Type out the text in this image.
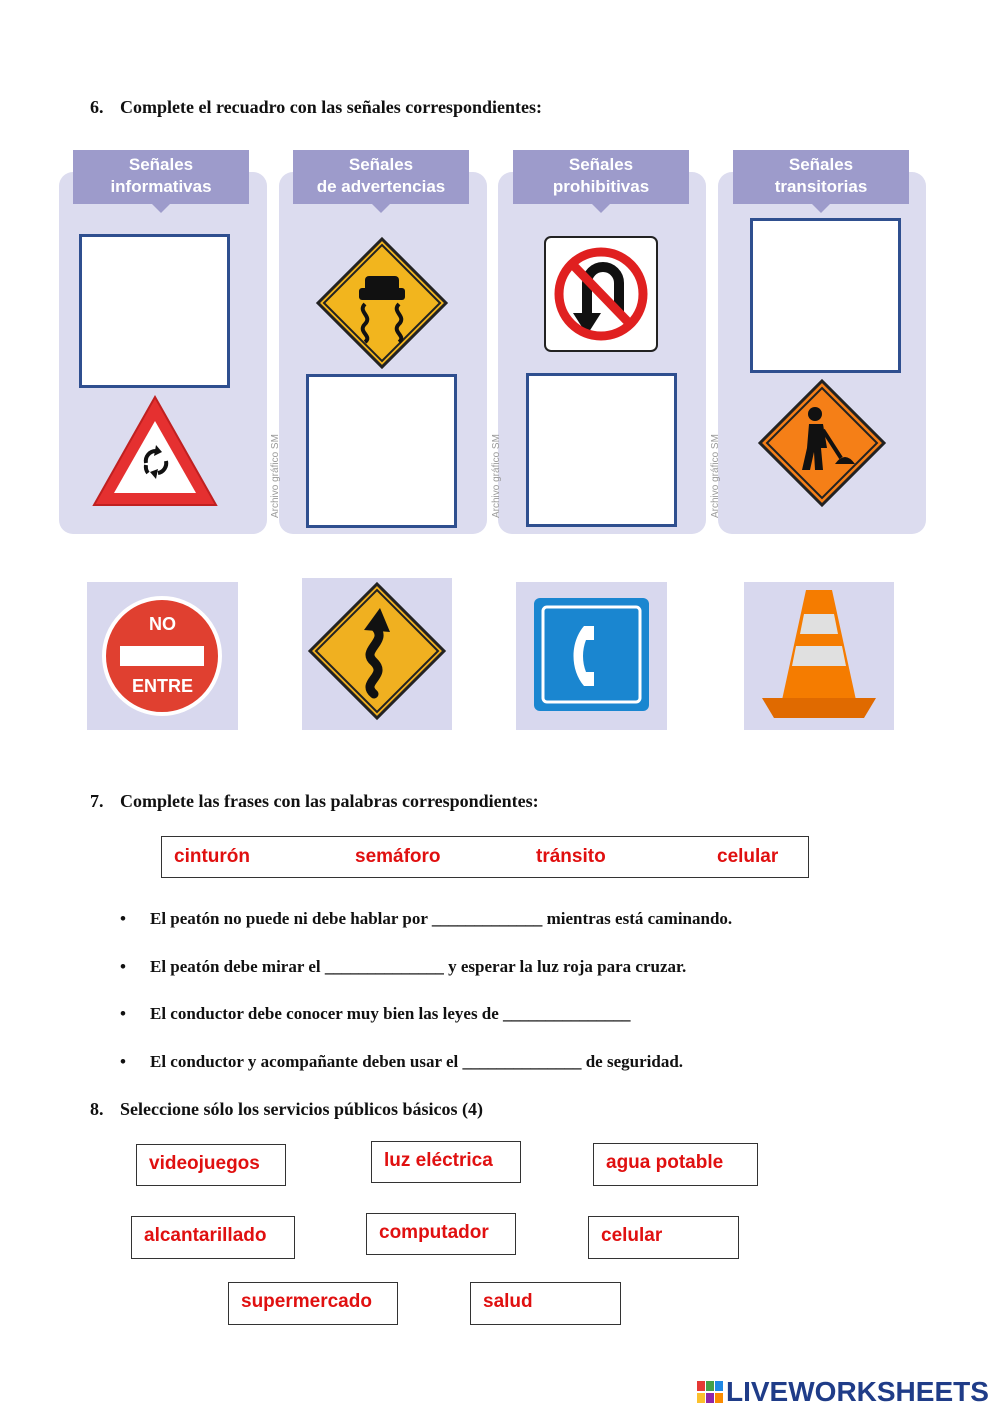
6. Complete el recuadro con las señales correspondientes:
Señales
informativas
Señales
de advertencias
Señales
prohibitivas
Señales
transitorias
Archivo gráfico SM	Archivo gráfico SM	Archivo gráfico SM
NO
ENTRE
7. Complete las frases con las palabras correspondientes:
cinturón	semáforo	tránsito	celular
• El peatón no puede ni debe hablar por _____________ mientras está caminando.
• El peatón debe mirar el ______________ y esperar la luz roja para cruzar.
• El conductor debe conocer muy bien las leyes de _______________
• El conductor y acompañante deben usar el ______________ de seguridad.
8. Seleccione sólo los servicios públicos básicos (4)
videojuegos	luz eléctrica	agua potable
alcantarillado	computador	celular
supermercado	salud
LIVEWORKSHEETS
